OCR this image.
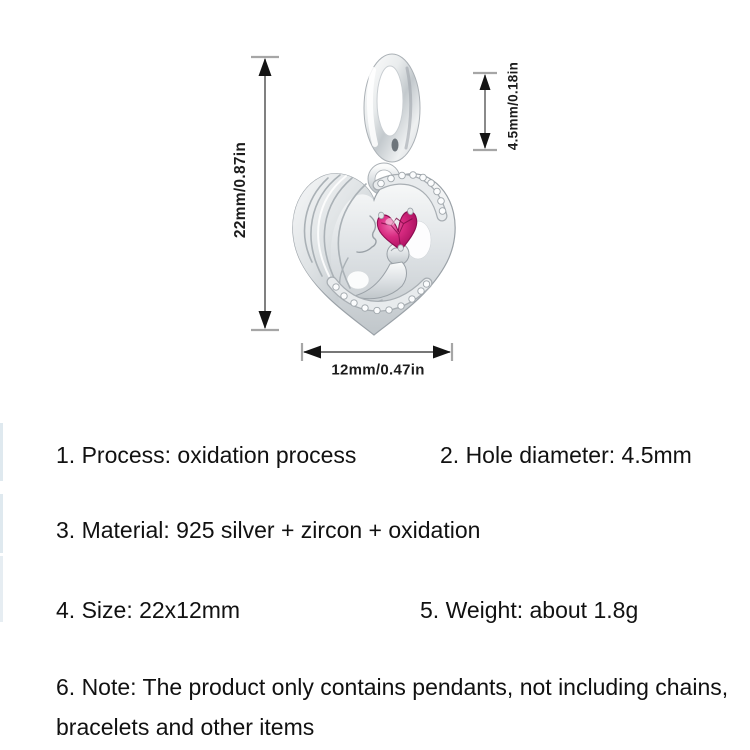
22mm/0.87in
4.5mm/0.18in
12mm/0.47in
1. Process: oxidation process	2. Hole diameter: 4.5mm
3. Material: 925 silver + zircon + oxidation
4. Size: 22x12mm	5. Weight: about 1.8g
6. Note: The product only contains pendants, not including chains,
bracelets and other items
